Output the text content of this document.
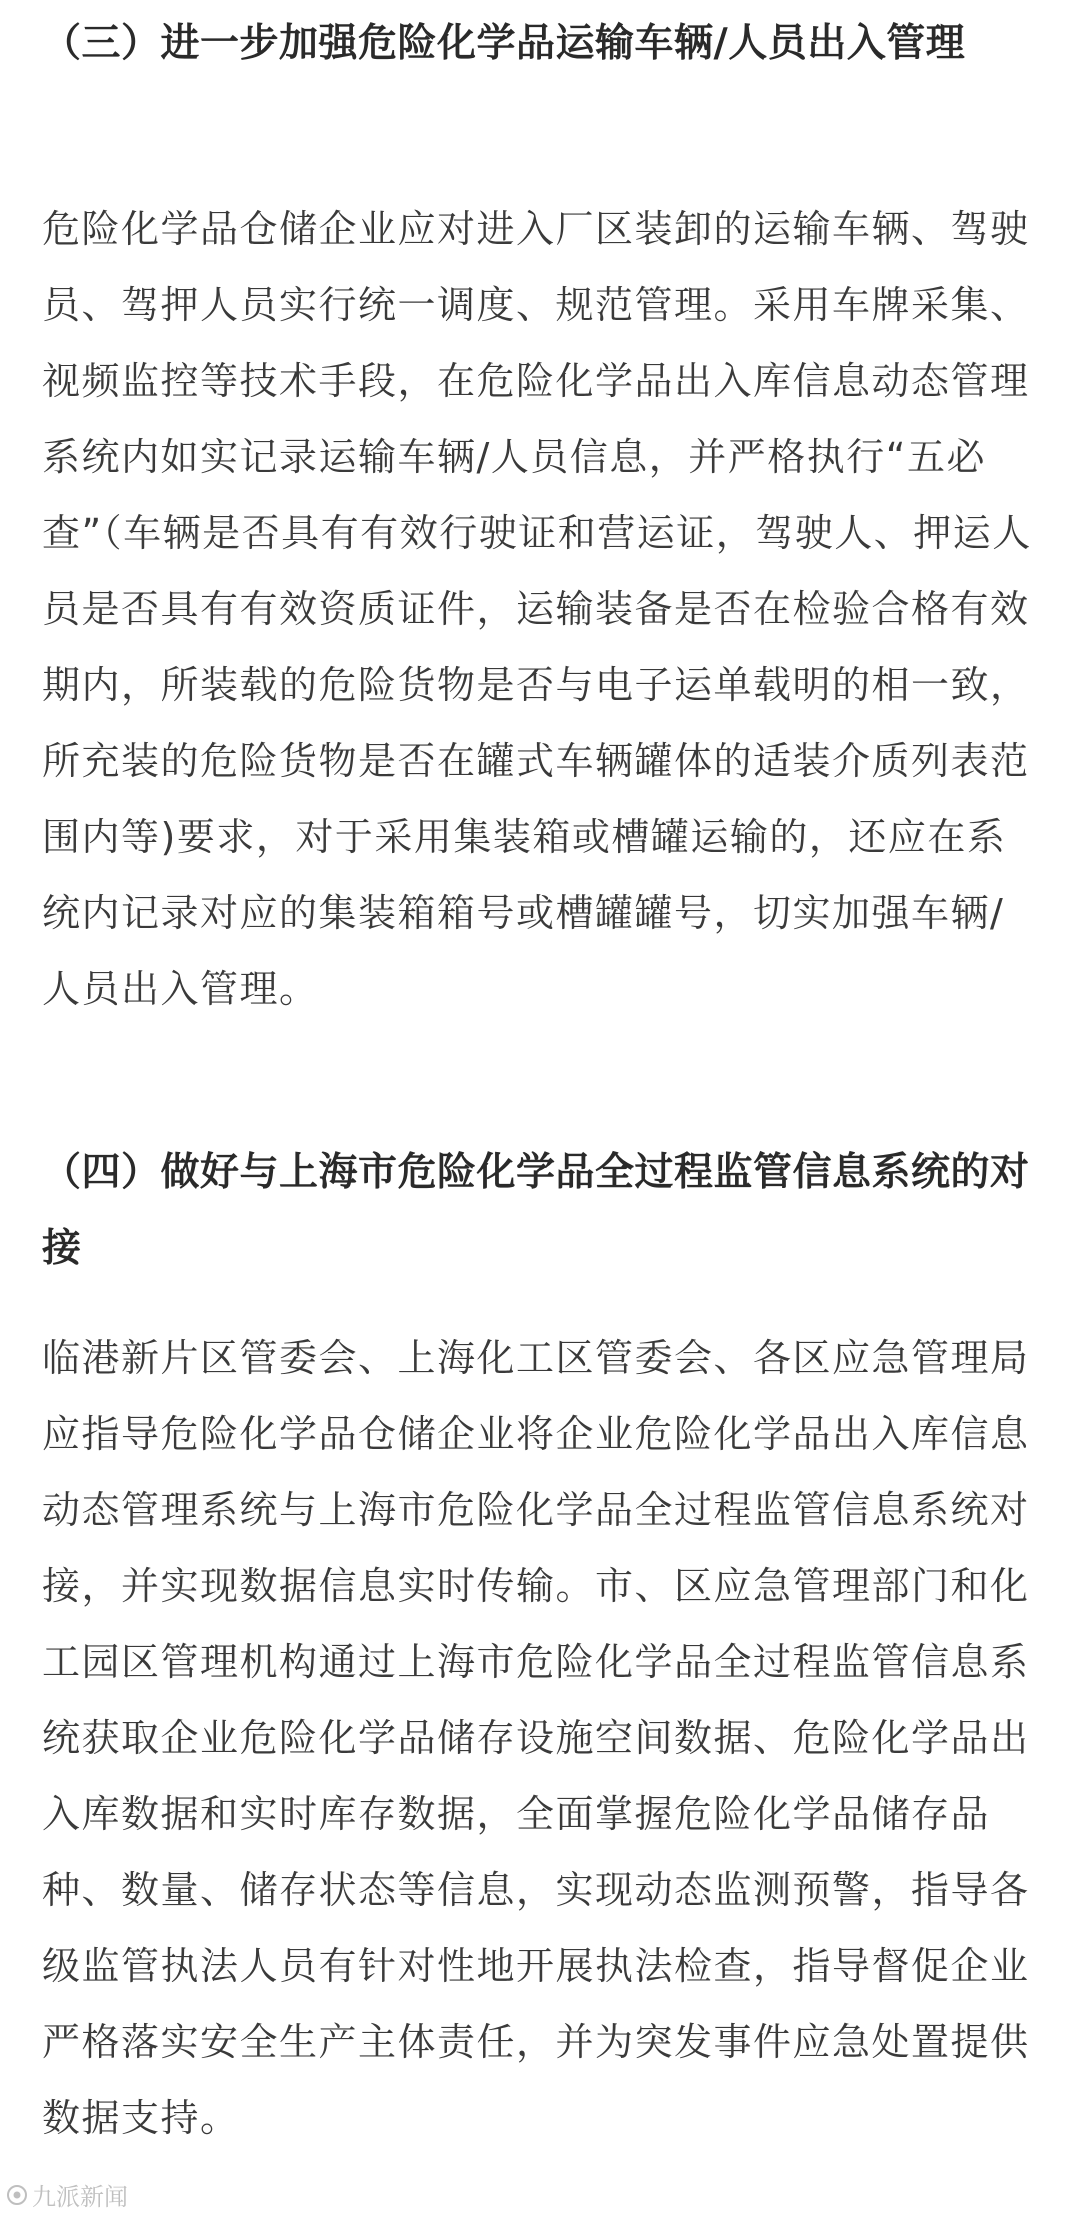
（三）进一步加强危险化学品运输车辆/人员出入管理

危险化学品仓储企业应对进入厂区装卸的运输车辆、驾驶员、驾押人员实行统一调度、规范管理。采用车牌采集、视频监控等技术手段，在危险化学品出入库信息动态管理系统内如实记录运输车辆/人员信息，并严格执行“五必查”（车辆是否具有有效行驶证和营运证，驾驶人、押运人员是否具有有效资质证件，运输装备是否在检验合格有效期内，所装载的危险货物是否与电子运单载明的相一致，所充装的危险货物是否在罐式车辆罐体的适装介质列表范围内等)要求，对于采用集装箱或槽罐运输的，还应在系统内记录对应的集装箱箱号或槽罐罐号，切实加强车辆/人员出入管理。

（四）做好与上海市危险化学品全过程监管信息系统的对接

临港新片区管委会、上海化工区管委会、各区应急管理局应指导危险化学品仓储企业将企业危险化学品出入库信息动态管理系统与上海市危险化学品全过程监管信息系统对接，并实现数据信息实时传输。市、区应急管理部门和化工园区管理机构通过上海市危险化学品全过程监管信息系统获取企业危险化学品储存设施空间数据、危险化学品出入库数据和实时库存数据，全面掌握危险化学品储存品种、数量、储存状态等信息，实现动态监测预警，指导各级监管执法人员有针对性地开展执法检查，指导督促企业严格落实安全生产主体责任，并为突发事件应急处置提供数据支持。

九派新闻
